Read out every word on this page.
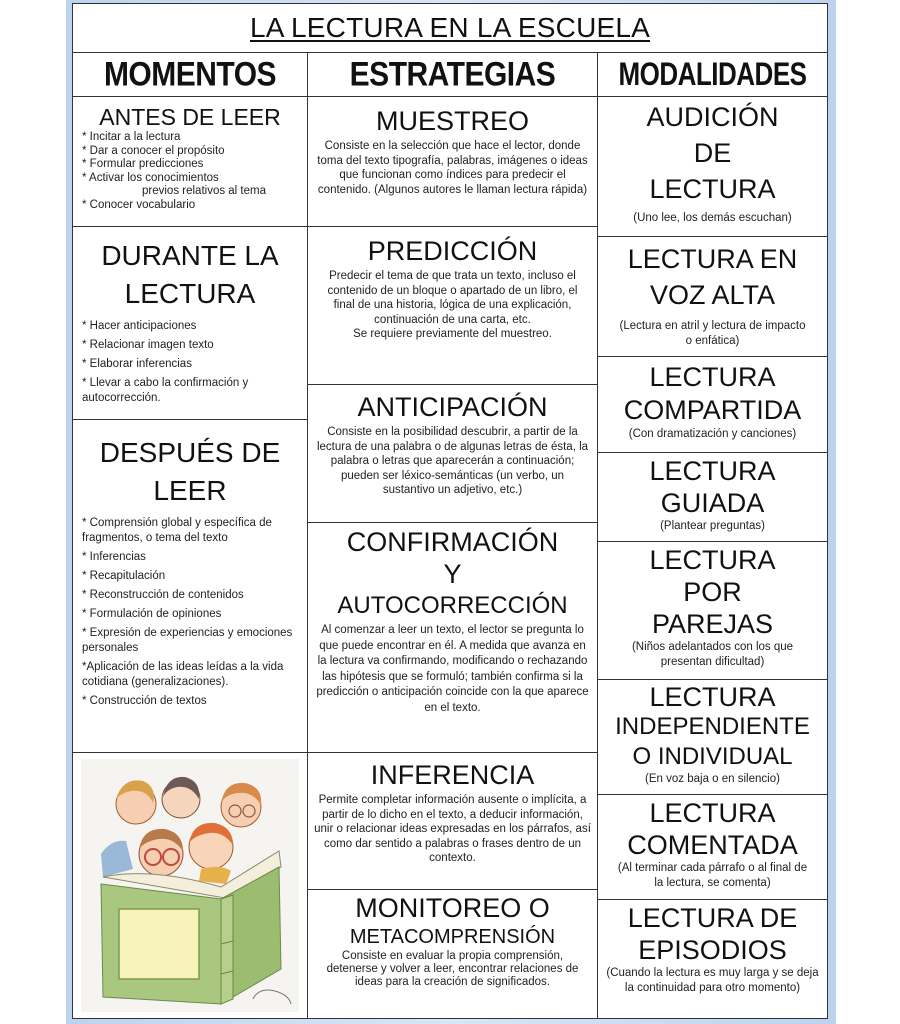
LA LECTURA EN LA ESCUELA
MOMENTOS
ANTES DE LEER
* Incitar a la lectura
* Dar a conocer el propósito
* Formular predicciones
* Activar los conocimientos
previos relativos al tema
* Conocer vocabulario
DURANTE LA
LECTURA
* Hacer anticipaciones
* Relacionar imagen texto
* Elaborar inferencias
* Llevar a cabo la confirmación y autocorrección.
DESPUÉS DE
LEER
* Comprensión global y específica de fragmentos, o tema del texto
* Inferencias
* Recapitulación
* Reconstrucción de contenidos
* Formulación de opiniones
* Expresión de experiencias y emociones personales
*Aplicación de las ideas leídas a la vida cotidiana (generalizaciones).
* Construcción de textos
ESTRATEGIAS
MUESTREO
Consiste en la selección que hace el lector, donde toma del texto tipografía, palabras, imágenes o ideas que funcionan como índices para predecir el contenido. (Algunos autores le llaman lectura rápida)
PREDICCIÓN
Predecir el tema de que trata un texto, incluso el contenido de un bloque o apartado de un libro, el final de una historia, lógica de una explicación, continuación de una carta, etc.
Se requiere previamente del muestreo.
ANTICIPACIÓN
Consiste en la posibilidad descubrir, a partir de la lectura de una palabra o de algunas letras de ésta, la palabra o letras que aparecerán a continuación; pueden ser léxico-semánticas (un verbo, un sustantivo un adjetivo, etc.)
CONFIRMACIÓN
Y
AUTOCORRECCIÓN
Al comenzar a leer un texto, el lector se pregunta lo que puede encontrar en él. A medida que avanza en la lectura va confirmando, modificando o rechazando las hipótesis que se formuló; también confirma si la predicción o anticipación coincide con la que aparece en el texto.
INFERENCIA
Permite completar información ausente o implícita, a partir de lo dicho en el texto, a deducir información, unir o relacionar ideas expresadas en los párrafos, así como dar sentido a palabras o frases dentro de un contexto.
MONITOREO O
METACOMPRENSIÓN
Consiste en evaluar la propia comprensión, detenerse y volver a leer, encontrar relaciones de ideas para la creación de significados.
MODALIDADES
AUDICIÓN
DE
LECTURA
(Uno lee, los demás escuchan)
LECTURA EN
VOZ ALTA
(Lectura en atril y lectura de impacto o enfática)
LECTURA
COMPARTIDA
(Con dramatización y canciones)
LECTURA
GUIADA
(Plantear preguntas)
LECTURA
POR
PAREJAS
(Niños adelantados con los que presentan dificultad)
LECTURA
INDEPENDIENTE
O INDIVIDUAL
(En voz baja o en silencio)
LECTURA
COMENTADA
(Al terminar cada párrafo o al final de la lectura, se comenta)
LECTURA DE
EPISODIOS
(Cuando la lectura es muy larga y se deja la continuidad para otro momento)
